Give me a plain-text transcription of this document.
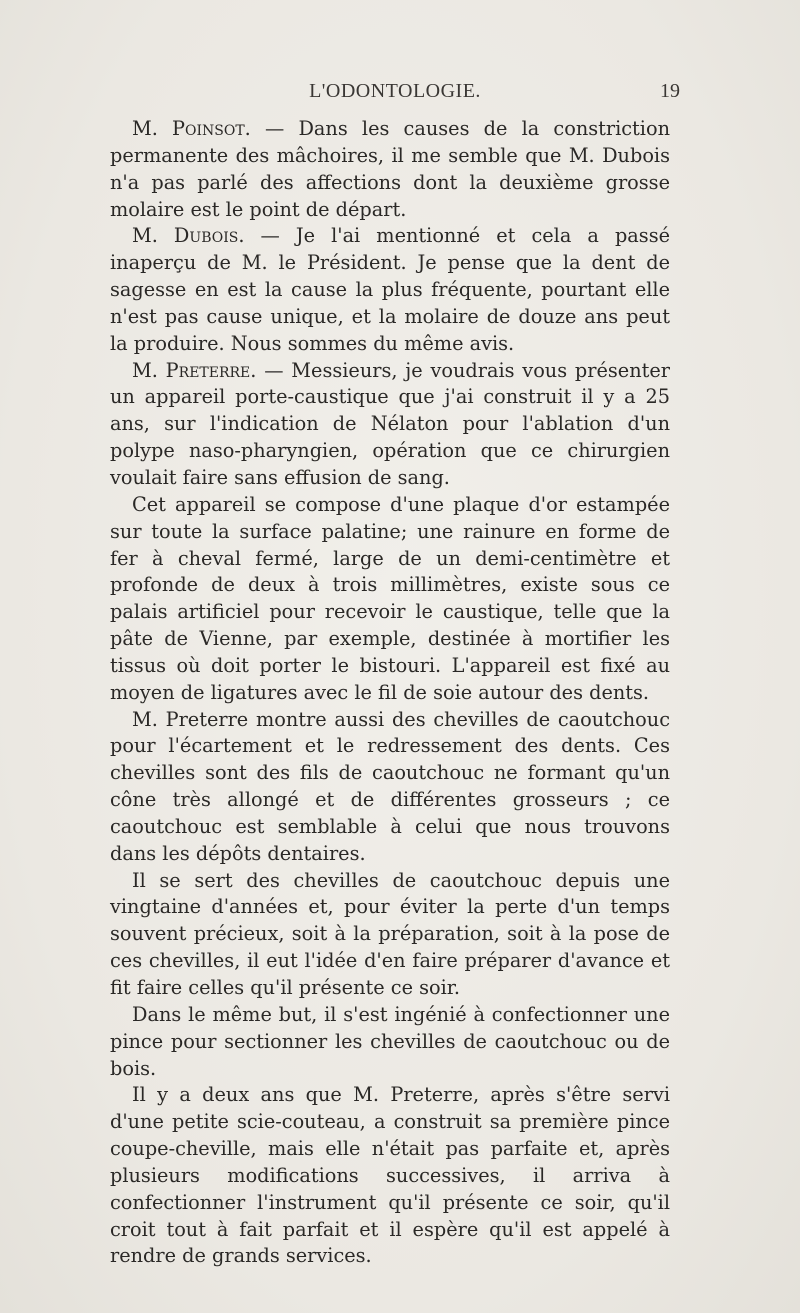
L'ODONTOLOGIE.	19

M. Poinsot. — Dans les causes de la constriction permanente des mâchoires, il me semble que M. Dubois n'a pas parlé des affections dont la deuxième grosse molaire est le point de départ.

M. Dubois. — Je l'ai mentionné et cela a passé inaperçu de M. le Président. Je pense que la dent de sagesse en est la cause la plus fréquente, pourtant elle n'est pas cause unique, et la molaire de douze ans peut la produire. Nous sommes du même avis.

M. Preterre. — Messieurs, je voudrais vous présenter un appareil porte-caustique que j'ai construit il y a 25 ans, sur l'indication de Nélaton pour l'ablation d'un polype naso-pharyngien, opération que ce chirurgien voulait faire sans effusion de sang.

Cet appareil se compose d'une plaque d'or estampée sur toute la surface palatine; une rainure en forme de fer à cheval fermé, large de un demi-centimètre et profonde de deux à trois millimètres, existe sous ce palais artificiel pour recevoir le caustique, telle que la pâte de Vienne, par exemple, destinée à mortifier les tissus où doit porter le bistouri. L'appareil est fixé au moyen de ligatures avec le fil de soie autour des dents.

M. Preterre montre aussi des chevilles de caoutchouc pour l'écartement et le redressement des dents. Ces chevilles sont des fils de caoutchouc ne formant qu'un cône très allongé et de différentes grosseurs ; ce caoutchouc est semblable à celui que nous trouvons dans les dépôts dentaires.

Il se sert des chevilles de caoutchouc depuis une vingtaine d'années et, pour éviter la perte d'un temps souvent précieux, soit à la préparation, soit à la pose de ces chevilles, il eut l'idée d'en faire préparer d'avance et fit faire celles qu'il présente ce soir.

Dans le même but, il s'est ingénié à confectionner une pince pour sectionner les chevilles de caoutchouc ou de bois.

Il y a deux ans que M. Preterre, après s'être servi d'une petite scie-couteau, a construit sa première pince coupe-cheville, mais elle n'était pas parfaite et, après plusieurs modifications successives, il arriva à confectionner l'instrument qu'il présente ce soir, qu'il croit tout à fait parfait et il espère qu'il est appelé à rendre de grands services.
